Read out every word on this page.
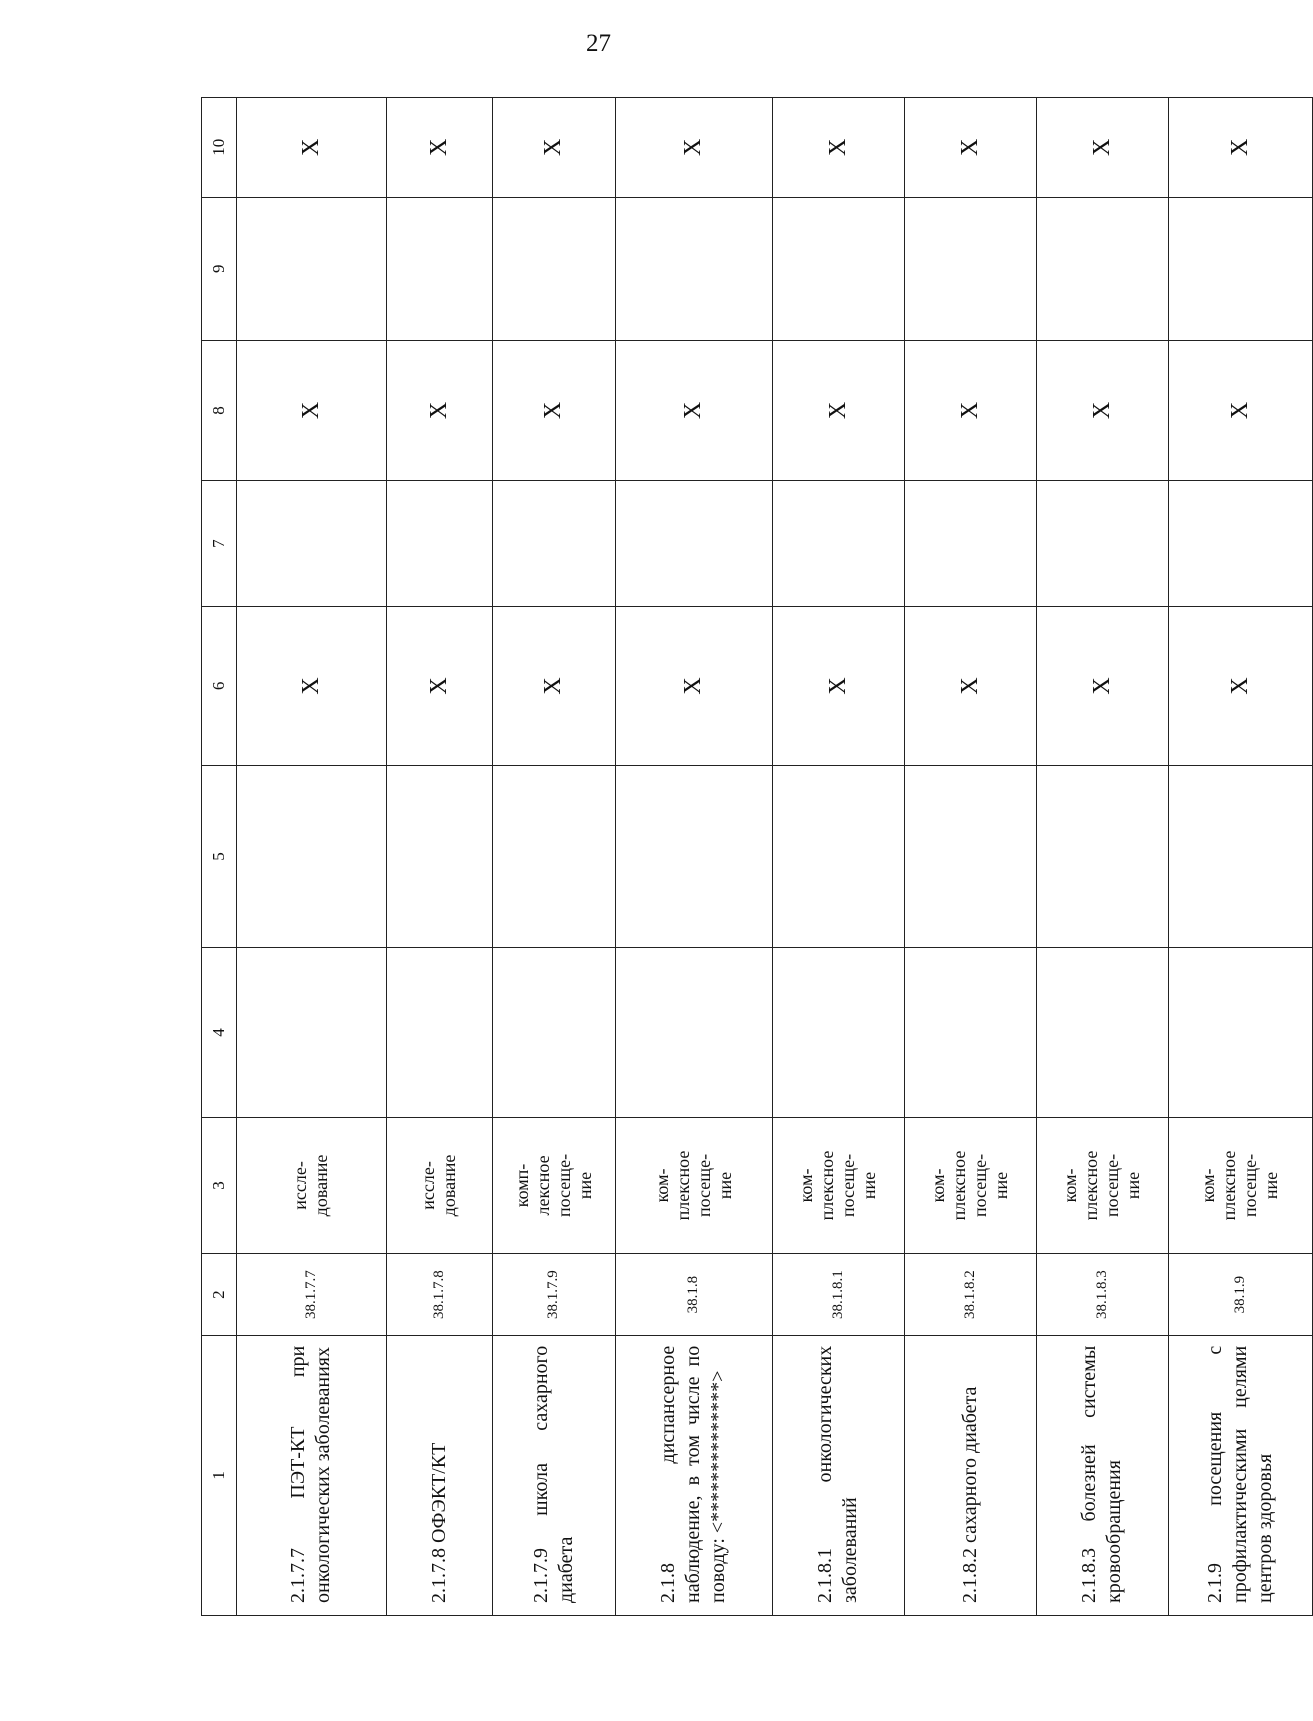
27
1	2	3	4	5	6	7	8	9	10

2.1.7.7 ПЭТ-КТ при онкологических заболеваниях	38.1.7.7	иссле-
дование			X		X		X

2.1.7.8 ОФЭКТ/КТ	38.1.7.8	иссле-
дование			X		X		X

2.1.7.9 школа сахарного диабета	38.1.7.9	комп-
лексное
посеще-
ние			X		X		X

2.1.8 диспансерное наблюдение, в том числе по поводу: <**************>	38.1.8	ком-
плексное
посеще-
ние			X		X		X

2.1.8.1 онкологических заболеваний	38.1.8.1	ком-
плексное
посеще-
ние			X		X		X

2.1.8.2 сахарного диабета	38.1.8.2	ком-
плексное
посеще-
ние			X		X		X

2.1.8.3 болезней системы кровообращения	38.1.8.3	ком-
плексное
посеще-
ние			X		X		X

2.1.9 посещения с профилактическими целями центров здоровья	38.1.9	ком-
плексное
посеще-
ние			X		X		X
